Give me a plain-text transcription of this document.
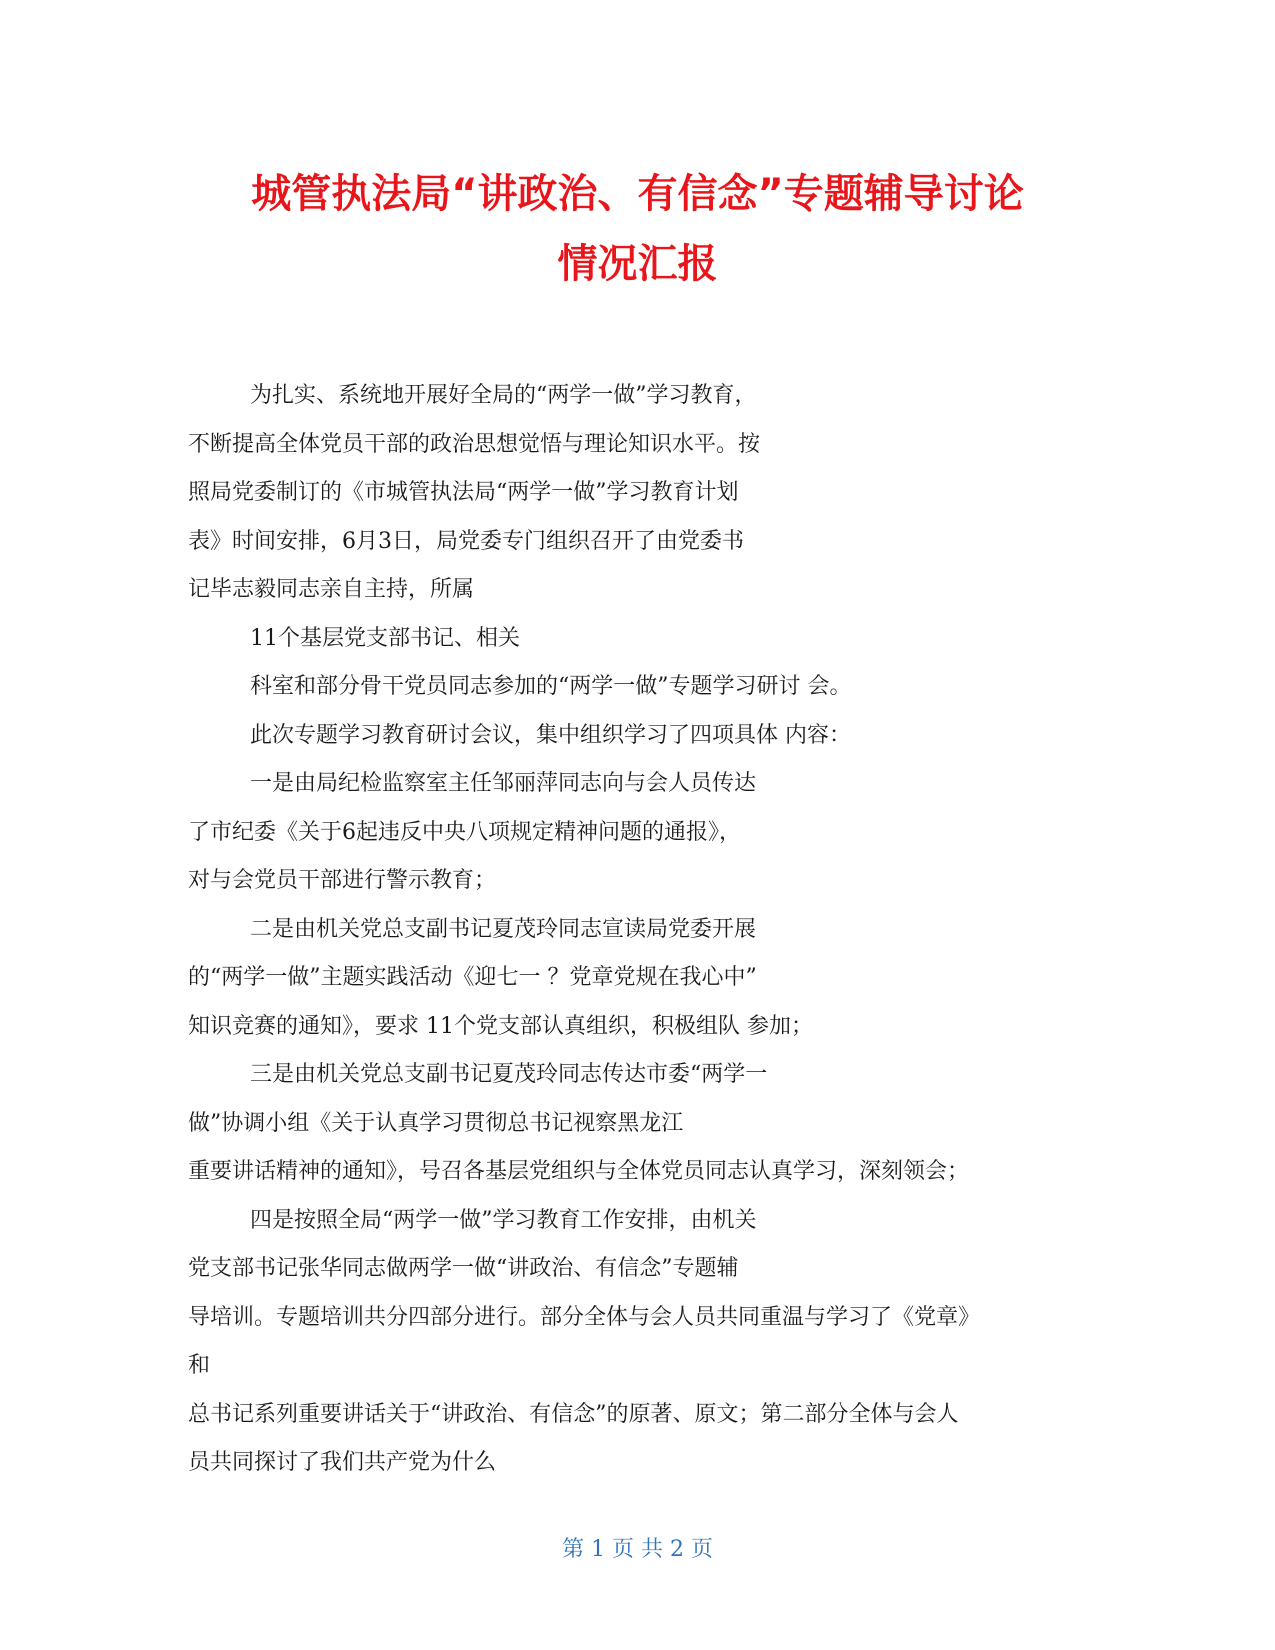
城管执法局“讲政治、有信念”专题辅导讨论
情况汇报
为扎实、系统地开展好全局的“两学一做”学习教育，
不断提高全体党员干部的政治思想觉悟与理论知识水平。按
照局党委制订的《市城管执法局“两学一做”学习教育计划
表》时间安排，6月3日，局党委专门组织召开了由党委书
记毕志毅同志亲自主持，所属
11个基层党支部书记、相关
科室和部分骨干党员同志参加的“两学一做”专题学习研讨 会。
此次专题学习教育研讨会议，集中组织学习了四项具体 内容：
一是由局纪检监察室主任邹丽萍同志向与会人员传达
了市纪委《关于6起违反中央八项规定精神问题的通报》，
对与会党员干部进行警示教育；
二是由机关党总支副书记夏茂玲同志宣读局党委开展
的“两学一做”主题实践活动《迎七一 ？党章党规在我心中”
知识竞赛的通知》，要求 11个党支部认真组织，积极组队 参加；
三是由机关党总支副书记夏茂玲同志传达市委“两学一
做”协调小组《关于认真学习贯彻总书记视察黑龙江
重要讲话精神的通知》，号召各基层党组织与全体党员同志认真学习，深刻领会；
四是按照全局“两学一做”学习教育工作安排，由机关
党支部书记张华同志做两学一做“讲政治、有信念”专题辅
导培训。专题培训共分四部分进行。部分全体与会人员共同重温与学习了《党章》
和
总书记系列重要讲话关于“讲政治、有信念”的原著、原文；第二部分全体与会人
员共同探讨了我们共产党为什么
第 1 页 共 2 页
